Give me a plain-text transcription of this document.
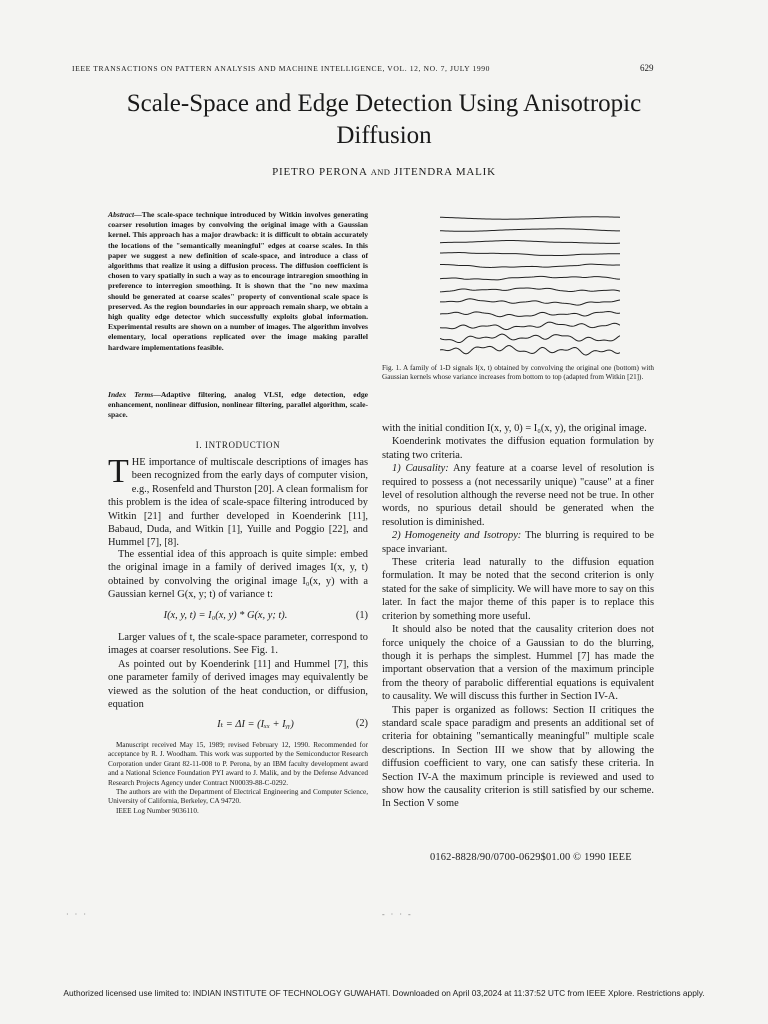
IEEE TRANSACTIONS ON PATTERN ANALYSIS AND MACHINE INTELLIGENCE, VOL. 12, NO. 7, JULY 1990	629
Scale-Space and Edge Detection Using Anisotropic
Diffusion
PIETRO PERONA AND JITENDRA MALIK
Abstract—The scale-space technique introduced by Witkin involves generating coarser resolution images by convolving the original image with a Gaussian kernel. This approach has a major drawback: it is difficult to obtain accurately the locations of the "semantically meaningful" edges at coarse scales. In this paper we suggest a new definition of scale-space, and introduce a class of algorithms that realize it using a diffusion process. The diffusion coefficient is chosen to vary spatially in such a way as to encourage intraregion smoothing in preference to interregion smoothing. It is shown that the "no new maxima should be generated at coarse scales" property of conventional scale space is preserved. As the region boundaries in our approach remain sharp, we obtain a high quality edge detector which successfully exploits global information. Experimental results are shown on a number of images. The algorithm involves elementary, local operations replicated over the image making parallel hardware implementations feasible.
Index Terms—Adaptive filtering, analog VLSI, edge detection, edge enhancement, nonlinear diffusion, nonlinear filtering, parallel algorithm, scale-space.
I. INTRODUCTION

THE importance of multiscale descriptions of images has been recognized from the early days of computer vision, e.g., Rosenfeld and Thurston [20]. A clean formalism for this problem is the idea of scale-space filtering introduced by Witkin [21] and further developed in Koenderink [11], Babaud, Duda, and Witkin [1], Yuille and Poggio [22], and Hummel [7], [8].

The essential idea of this approach is quite simple: embed the original image in a family of derived images I(x, y, t) obtained by convolving the original image I₀(x, y) with a Gaussian kernel G(x, y; t) of variance t:

I(x, y, t) = I₀(x, y) * G(x, y; t).	(1)

Larger values of t, the scale-space parameter, correspond to images at coarser resolutions. See Fig. 1.

As pointed out by Koenderink [11] and Hummel [7], this one parameter family of derived images may equivalently be viewed as the solution of the heat conduction, or diffusion, equation

Iₜ = ΔI = (Iₓₓ + Iᵧᵧ)	(2)

Manuscript received May 15, 1989; revised February 12, 1990. Recommended for acceptance by R. J. Woodham. This work was supported by the Semiconductor Research Corporation under Grant 82-11-008 to P. Perona, by an IBM faculty development award and a National Science Foundation PYI award to J. Malik, and by the Defense Advanced Research Projects Agency under Contract N00039-88-C-0292.

The authors are with the Department of Electrical Engineering and Computer Science, University of California, Berkeley, CA 94720.

IEEE Log Number 9036110.

Fig. 1. A family of 1-D signals I(x, t) obtained by convolving the original one (bottom) with Gaussian kernels whose variance increases from bottom to top (adapted from Witkin [21]).

with the initial condition I(x, y, 0) = I₀(x, y), the original image.

Koenderink motivates the diffusion equation formulation by stating two criteria.

1) Causality: Any feature at a coarse level of resolution is required to possess a (not necessarily unique) "cause" at a finer level of resolution although the reverse need not be true. In other words, no spurious detail should be generated when the resolution is diminished.

2) Homogeneity and Isotropy: The blurring is required to be space invariant.

These criteria lead naturally to the diffusion equation formulation. It may be noted that the second criterion is only stated for the sake of simplicity. We will have more to say on this later. In fact the major theme of this paper is to replace this criterion by something more useful.

It should also be noted that the causality criterion does not force uniquely the choice of a Gaussian to do the blurring, though it is perhaps the simplest. Hummel [7] has made the important observation that a version of the maximum principle from the theory of parabolic differential equations is equivalent to causality. We will discuss this further in Section IV-A.

This paper is organized as follows: Section II critiques the standard scale space paradigm and presents an additional set of criteria for obtaining "semantically meaningful" multiple scale descriptions. In Section III we show that by allowing the diffusion coefficient to vary, one can satisfy these criteria. In Section IV-A the maximum principle is reviewed and used to show how the causality criterion is still satisfied by our scheme. In Section V some

0162-8828/90/0700-0629$01.00 © 1990 IEEE
· · ·	- · · -
Authorized licensed use limited to: INDIAN INSTITUTE OF TECHNOLOGY GUWAHATI. Downloaded on April 03,2024 at 11:37:52 UTC from IEEE Xplore. Restrictions apply.
